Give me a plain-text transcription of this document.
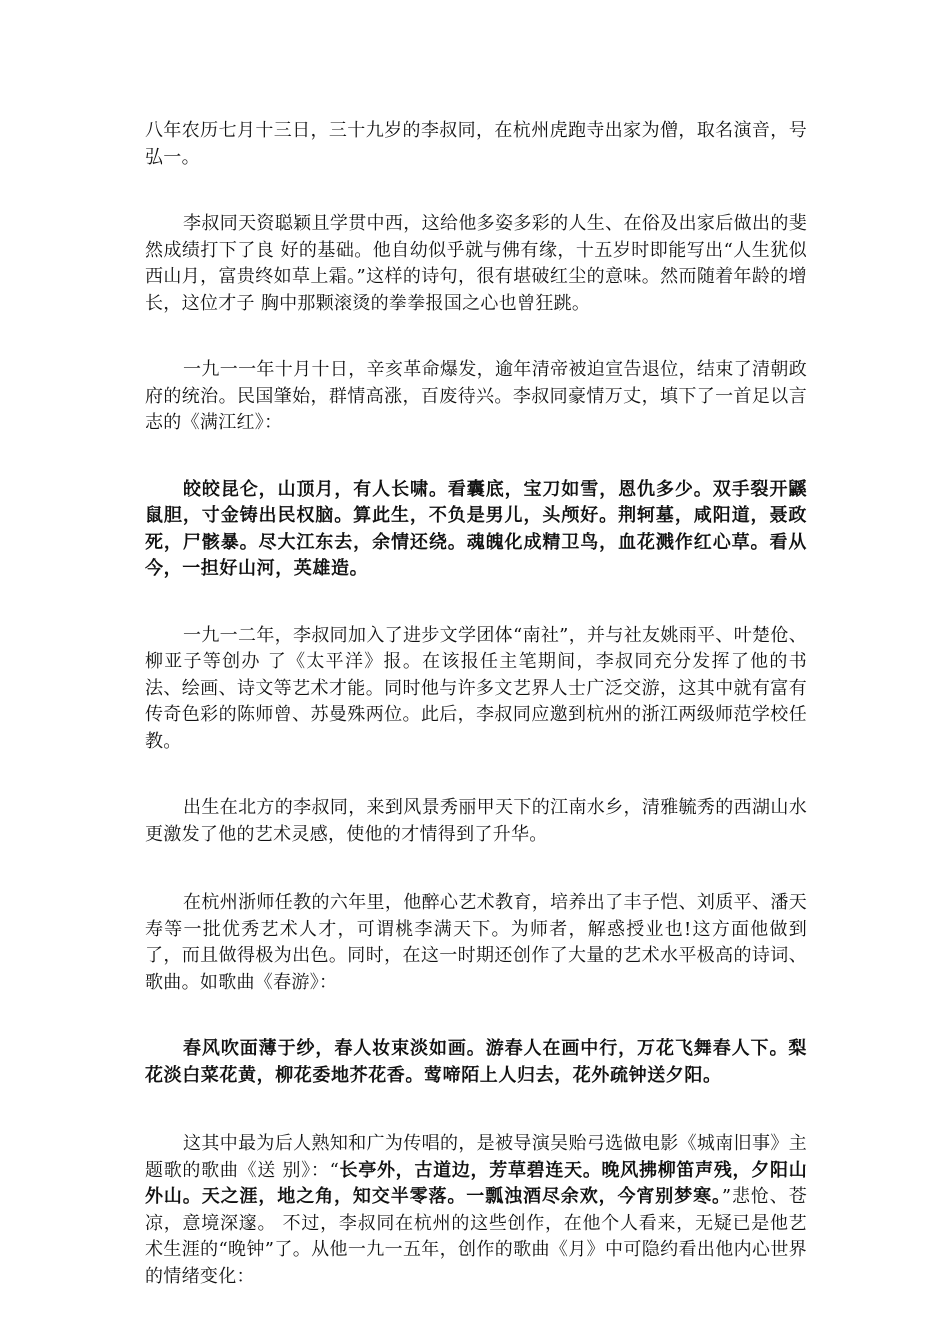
八年农历七月十三日，三十九岁的李叔同，在杭州虎跑寺出家为僧，取名演音，号弘一。

李叔同天资聪颖且学贯中西，这给他多姿多彩的人生、在俗及出家后做出的斐然成绩打下了良 好的基础。他自幼似乎就与佛有缘，十五岁时即能写出“人生犹似西山月，富贵终如草上霜。”这样的诗句，很有堪破红尘的意味。然而随着年龄的增长，这位才子 胸中那颗滚烫的拳拳报国之心也曾狂跳。

一九一一年十月十日，辛亥革命爆发，逾年清帝被迫宣告退位，结束了清朝政府的统治。民国肇始，群情高涨，百废待兴。李叔同豪情万丈，填下了一首足以言志的《满江红》：

皎皎昆仑，山顶月，有人长啸。看囊底，宝刀如雪，恩仇多少。双手裂开鼷鼠胆，寸金铸出民权脑。算此生，不负是男儿，头颅好。荆轲墓，咸阳道，聂政死，尸骸暴。尽大江东去，余情还绕。魂魄化成精卫鸟，血花溅作红心草。看从今，一担好山河，英雄造。

一九一二年，李叔同加入了进步文学团体“南社”，并与社友姚雨平、叶楚伧、柳亚子等创办 了《太平洋》报。在该报任主笔期间，李叔同充分发挥了他的书法、绘画、诗文等艺术才能。同时他与许多文艺界人士广泛交游，这其中就有富有传奇色彩的陈师曾、苏曼殊两位。此后，李叔同应邀到杭州的浙江两级师范学校任教。

出生在北方的李叔同，来到风景秀丽甲天下的江南水乡，清雅毓秀的西湖山水更激发了他的艺术灵感，使他的才情得到了升华。

在杭州浙师任教的六年里，他醉心艺术教育，培养出了丰子恺、刘质平、潘天寿等一批优秀艺术人才，可谓桃李满天下。为师者，解惑授业也!这方面他做到了，而且做得极为出色。同时，在这一时期还创作了大量的艺术水平极高的诗词、歌曲。如歌曲《春游》：

春风吹面薄于纱，春人妆束淡如画。游春人在画中行，万花飞舞春人下。梨花淡白菜花黄，柳花委地芥花香。莺啼陌上人归去，花外疏钟送夕阳。

这其中最为后人熟知和广为传唱的，是被导演吴贻弓选做电影《城南旧事》主题歌的歌曲《送 别》：“长亭外，古道边，芳草碧连天。晚风拂柳笛声残，夕阳山外山。天之涯，地之角，知交半零落。一瓢浊酒尽余欢，今宵别梦寒。”悲怆、苍凉，意境深邃。 不过，李叔同在杭州的这些创作，在他个人看来，无疑已是他艺术生涯的“晚钟”了。从他一九一五年，创作的歌曲《月》中可隐约看出他内心世界的情绪变化：
